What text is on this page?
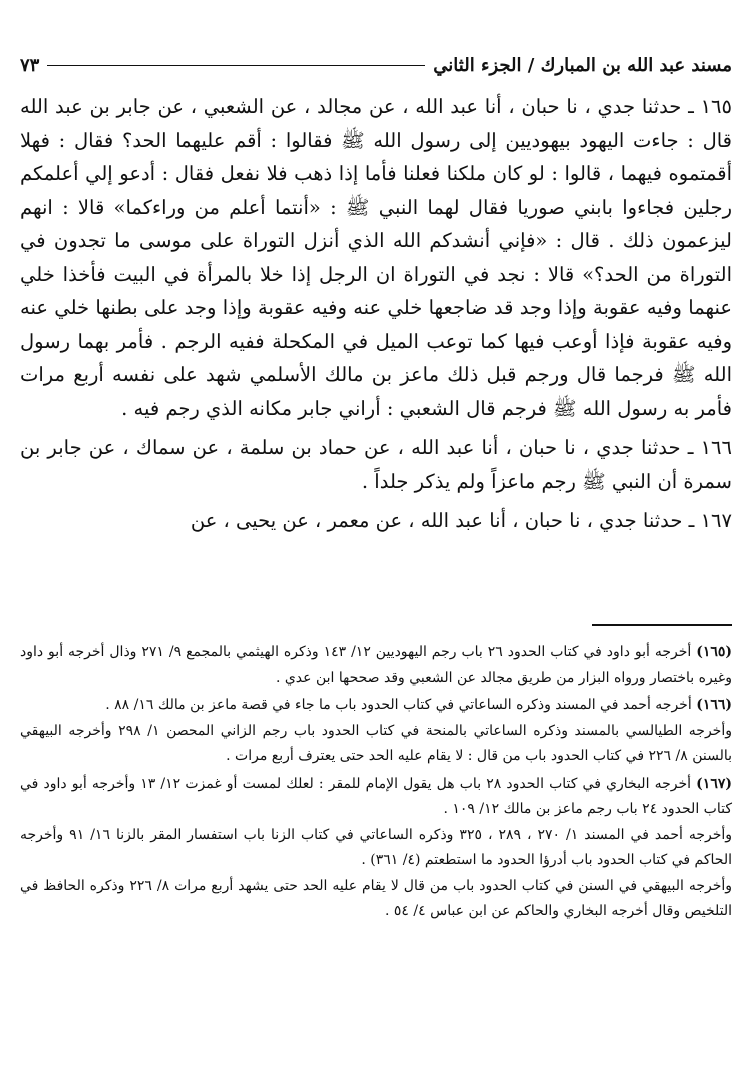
مسند عبد الله بن المبارك / الجزء الثاني
٧٣

١٦٥ ـ حدثنا جدي ، نا حبان ، أنا عبد الله ، عن مجالد ، عن الشعبي ، عن جابر بن عبد الله قال : جاءت اليهود بيهوديين إلى رسول الله ﷺ فقالوا : أقم عليهما الحد؟ فقال : فهلا أقمتموه فيهما ، قالوا : لو كان ملكنا فعلنا فأما إذا ذهب فلا نفعل فقال : أدعو إلي أعلمكم رجلين فجاءوا بابني صوريا فقال لهما النبي ﷺ : «أنتما أعلم من وراءكما» قالا : انهم ليزعمون ذلك . قال : «فإني أنشدكم الله الذي أنزل التوراة على موسى ما تجدون في التوراة من الحد؟» قالا : نجد في التوراة ان الرجل إذا خلا بالمرأة في البيت فأخذا خلي عنهما وفيه عقوبة وإذا وجد قد ضاجعها خلي عنه وفيه عقوبة وإذا وجد على بطنها خلي عنه وفيه عقوبة فإذا أوعب فيها كما توعب الميل في المكحلة ففيه الرجم . فأمر بهما رسول الله ﷺ فرجما قال ورجم قبل ذلك ماعز بن مالك الأسلمي شهد على نفسه أربع مرات فأمر به رسول الله ﷺ فرجم قال الشعبي : أراني جابر مكانه الذي رجم فيه .

١٦٦ ـ حدثنا جدي ، نا حبان ، أنا عبد الله ، عن حماد بن سلمة ، عن سماك ، عن جابر بن سمرة أن النبي ﷺ رجم ماعزاً ولم يذكر جلداً .

١٦٧ ـ حدثنا جدي ، نا حبان ، أنا عبد الله ، عن معمر ، عن يحيى ، عن

(١٦٥) أخرجه أبو داود في كتاب الحدود ٢٦ باب رجم اليهوديين ١٢/ ١٤٣ وذكره الهيثمي بالمجمع ٩/ ٢٧١ وذال أخرجه أبو داود وغيره باختصار ورواه البزار من طريق مجالد عن الشعبي وقد صححها ابن عدي .
(١٦٦) أخرجه أحمد في المسند وذكره الساعاتي في كتاب الحدود باب ما جاء في قصة ماعز بن مالك ١٦/ ٨٨ .
وأخرجه الطيالسي بالمسند وذكره الساعاتي بالمنحة في كتاب الحدود باب رجم الزاني المحصن ١/ ٢٩٨ وأخرجه البيهقي بالسنن ٨/ ٢٢٦ في كتاب الحدود باب من قال : لا يقام عليه الحد حتى يعترف أربع مرات .
(١٦٧) أخرجه البخاري في كتاب الحدود ٢٨ باب هل يقول الإمام للمقر : لعلك لمست أو غمزت ١٢/ ١٣ وأخرجه أبو داود في كتاب الحدود ٢٤ باب رجم ماعز بن مالك ١٢/ ١٠٩ .
وأخرجه أحمد في المسند ١/ ٢٧٠ ، ٢٨٩ ، ٣٢٥ وذكره الساعاتي في كتاب الزنا باب استفسار المقر بالزنا ١٦/ ٩١ وأخرجه الحاكم في كتاب الحدود باب أدرؤا الحدود ما استطعتم (٤/ ٣٦١) .
وأخرجه البيهقي في السنن في كتاب الحدود باب من قال لا يقام عليه الحد حتى يشهد أربع مرات ٨/ ٢٢٦ وذكره الحافظ في التلخيص وقال أخرجه البخاري والحاكم عن ابن عباس ٤/ ٥٤ .
